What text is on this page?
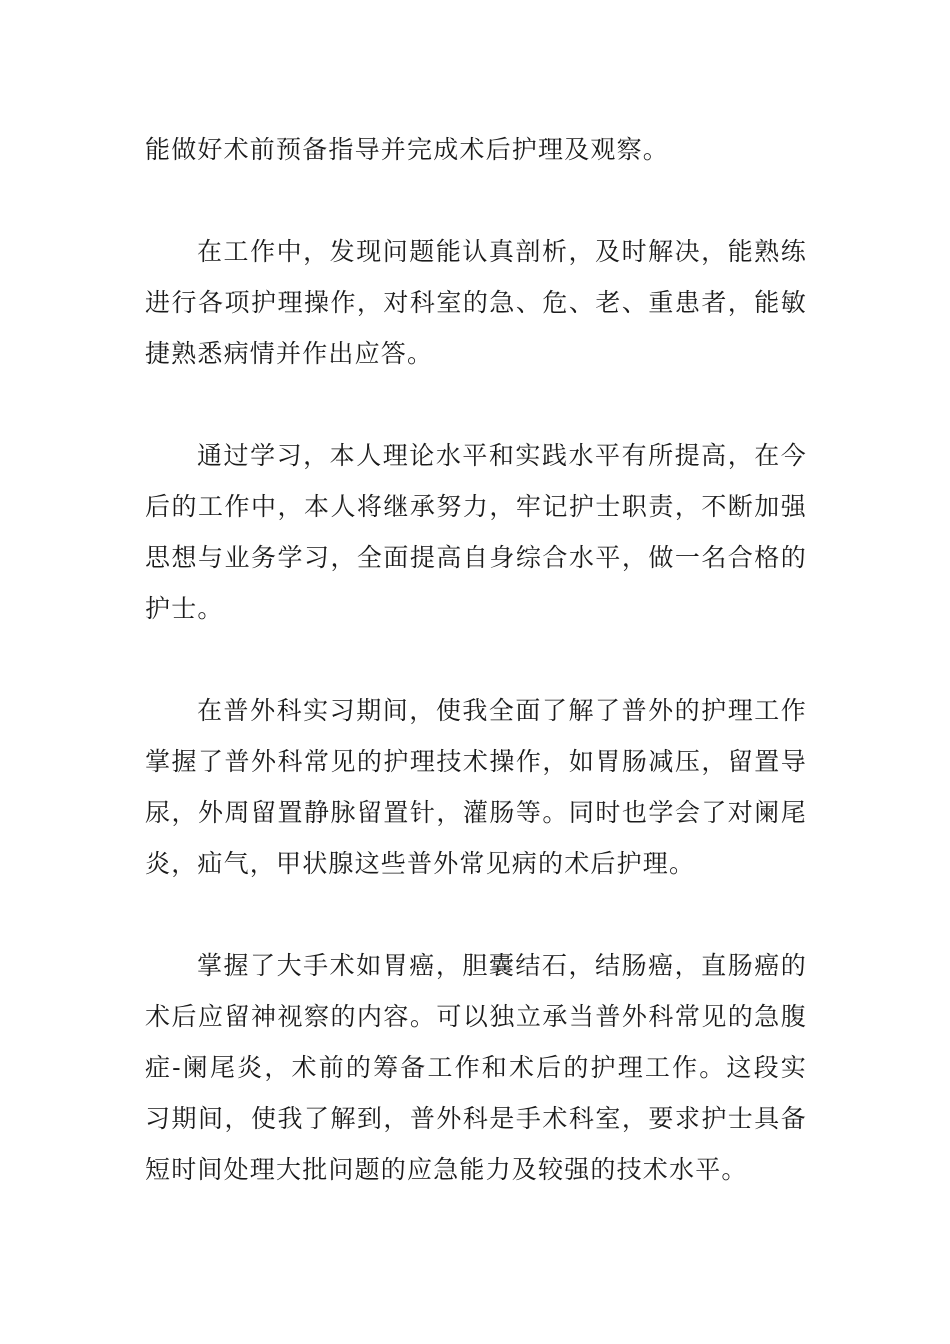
能做好术前预备指导并完成术后护理及观察。

在工作中，发现问题能认真剖析，及时解决，能熟练进行各项护理操作，对科室的急、危、老、重患者，能敏捷熟悉病情并作出应答。

通过学习，本人理论水平和实践水平有所提高，在今后的工作中，本人将继承努力，牢记护士职责，不断加强思想与业务学习，全面提高自身综合水平，做一名合格的护士。

在普外科实习期间，使我全面了解了普外的护理工作掌握了普外科常见的护理技术操作，如胃肠减压，留置导尿，外周留置静脉留置针，灌肠等。同时也学会了对阑尾炎，疝气，甲状腺这些普外常见病的术后护理。

掌握了大手术如胃癌，胆囊结石，结肠癌，直肠癌的术后应留神视察的内容。可以独立承当普外科常见的急腹症-阑尾炎，术前的筹备工作和术后的护理工作。这段实习期间，使我了解到，普外科是手术科室，要求护士具备短时间处理大批问题的应急能力及较强的技术水平。
